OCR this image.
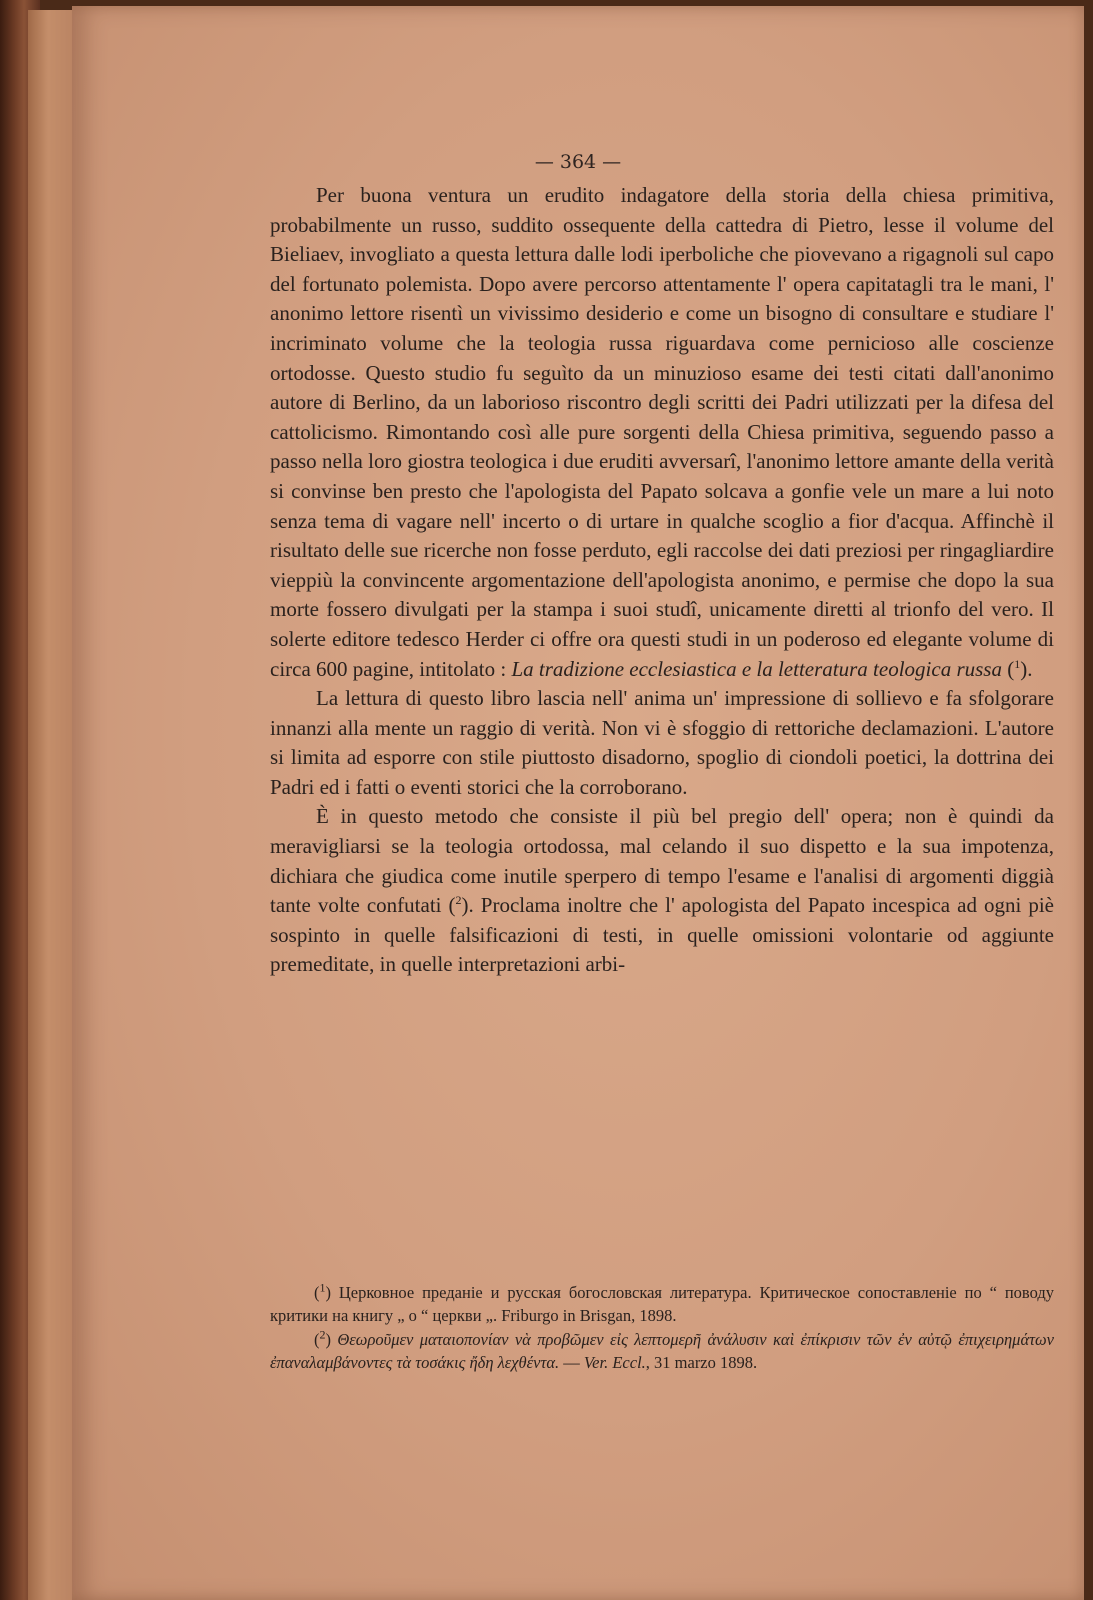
— 364 —

Per buona ventura un erudito indagatore della storia della chiesa primitiva, probabilmente un russo, suddito ossequente della cattedra di Pietro, lesse il volume del Bieliaev, invogliato a questa lettura dalle lodi iperboliche che piovevano a rigagnoli sul capo del fortunato polemista. Dopo avere percorso attentamente l' opera capitatagli tra le mani, l' anonimo lettore risentì un vivissimo desiderio e come un bisogno di consultare e studiare l' incriminato volume che la teologia russa riguardava come pernicioso alle coscienze ortodosse. Questo studio fu seguìto da un minuzioso esame dei testi citati dall'anonimo autore di Berlino, da un laborioso riscontro degli scritti dei Padri utilizzati per la difesa del cattolicismo. Rimontando così alle pure sorgenti della Chiesa primitiva, seguendo passo a passo nella loro giostra teologica i due eruditi avversarî, l'anonimo lettore amante della verità si convinse ben presto che l'apologista del Papato solcava a gonfie vele un mare a lui noto senza tema di vagare nell' incerto o di urtare in qualche scoglio a fior d'acqua. Affinchè il risultato delle sue ricerche non fosse perduto, egli raccolse dei dati preziosi per ringagliardire vieppiù la convincente argomentazione dell'apologista anonimo, e permise che dopo la sua morte fossero divulgati per la stampa i suoi studî, unicamente diretti al trionfo del vero. Il solerte editore tedesco Herder ci offre ora questi studi in un poderoso ed elegante volume di circa 600 pagine, intitolato : La tradizione ecclesiastica e la letteratura teologica russa ($^1$).

La lettura di questo libro lascia nell' anima un' impressione di sollievo e fa sfolgorare innanzi alla mente un raggio di verità. Non vi è sfoggio di rettoriche declamazioni. L'autore si limita ad esporre con stile piuttosto disadorno, spoglio di ciondoli poetici, la dottrina dei Padri ed i fatti o eventi storici che la corroborano.

È in questo metodo che consiste il più bel pregio dell' opera; non è quindi da meravigliarsi se la teologia ortodossa, mal celando il suo dispetto e la sua impotenza, dichiara che giudica come inutile sperpero di tempo l'esame e l'analisi di argomenti diggià tante volte confutati ($^2$). Proclama inoltre che l' apologista del Papato incespica ad ogni piè sospinto in quelle falsificazioni di testi, in quelle omissioni volontarie od aggiunte premeditate, in quelle interpretazioni arbi-

($^1$) Церковное преданіе и русская богословская литература. Критическое сопоставленіе по “ поводу критики на книгу „ о “ церкви „. Friburgo in Brisgan, 1898.

($^2$) Θεωροῦμεν ματαιοπονίαν νὰ προβῶμεν εἰς λεπτομερῆ ἀνάλυσιν καὶ ἐπίκρισιν τῶν ἐν αὐτῷ ἐπιχειρημάτων ἐπαναλαμβάνοντες τὰ τοσάκις ἤδη λεχθέντα. — Ver. Eccl., 31 marzo 1898.
